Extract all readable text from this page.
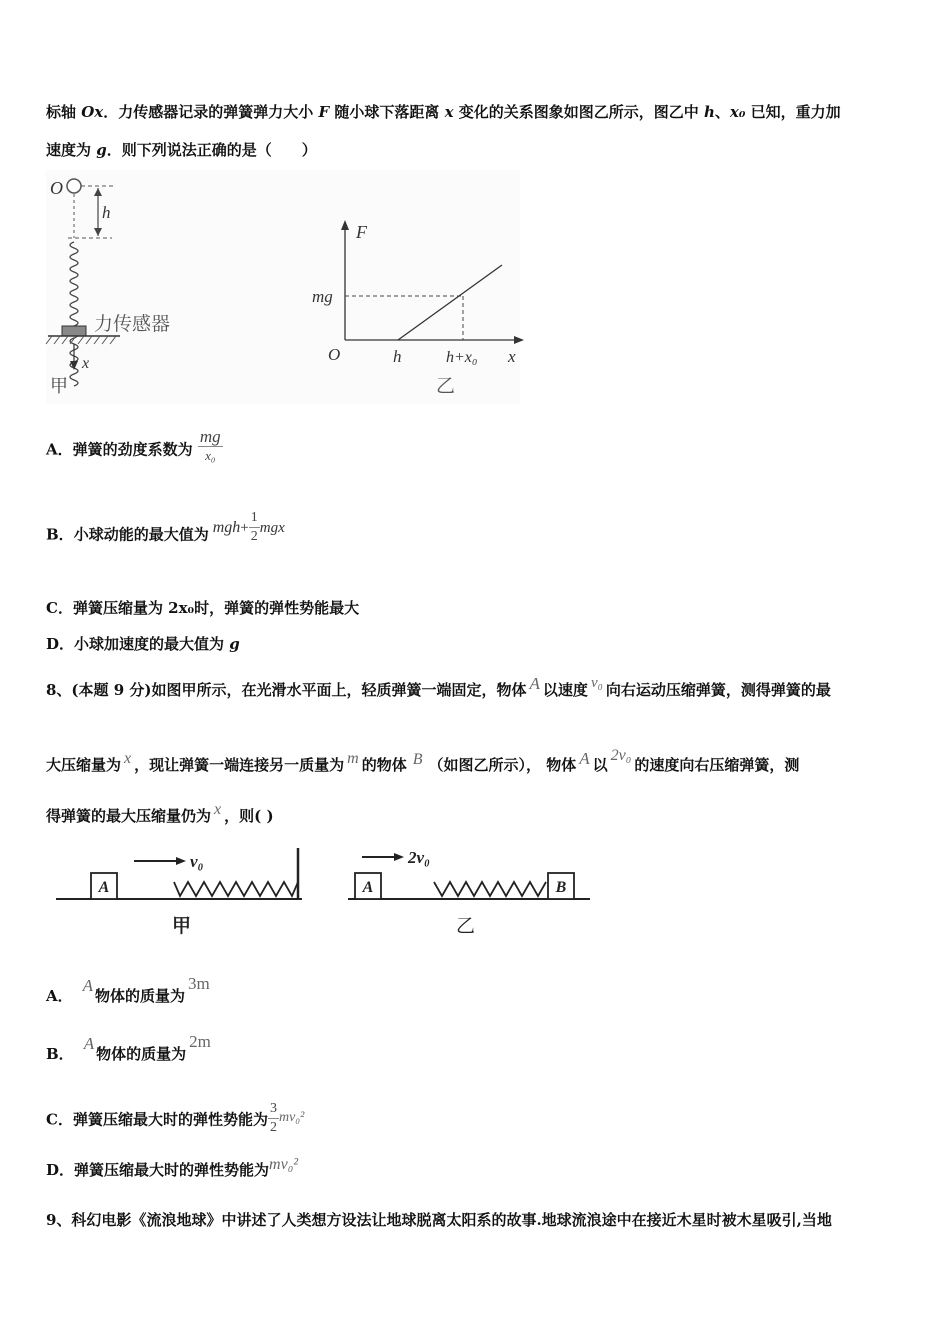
标轴 Ox．力传感器记录的弹簧弹力大小 F 随小球下落距离 x 变化的关系图象如图乙所示，图乙中 h、x₀ 已知，重力加
速度为 g．则下列说法正确的是（　　）
O
h
力传感器
x
甲
F
mg
O	h	h+x₀ x
乙
A．弹簧的劲度系数为 $\frac{mg}{\text{x₀}}$
B．小球动能的最大值为 $mgh+ \frac{1}{2}$ mgx
C．弹簧压缩量为 2x₀时，弹簧的弹性势能最大
D．小球加速度的最大值为 g
8、(本题 9 分)如图甲所示，在光滑水平面上，轻质弹簧一端固定，物体 A 以速度 v₀ 向右运动压缩弹簧，测得弹簧的最
大压缩量为 x ，现让弹簧一端连接另一质量为 m 的物体 B （如图乙所示）， 物体 A 以2v₀的速度向右压缩弹簧，测
得弹簧的最大压缩量仍为 x ，则( )
A
v₀
甲
A
2v₀
B
乙
A．A物体的质量为3m
B．A物体的质量为2m
C．弹簧压缩最大时的弹性势能为 $\frac{3}{2} mv_0^2$
D．弹簧压缩最大时的弹性势能为mv₀²
9、科幻电影《流浪地球》中讲述了人类想方设法让地球脱离太阳系的故事.地球流浪途中在接近木星时被木星吸引,当地
